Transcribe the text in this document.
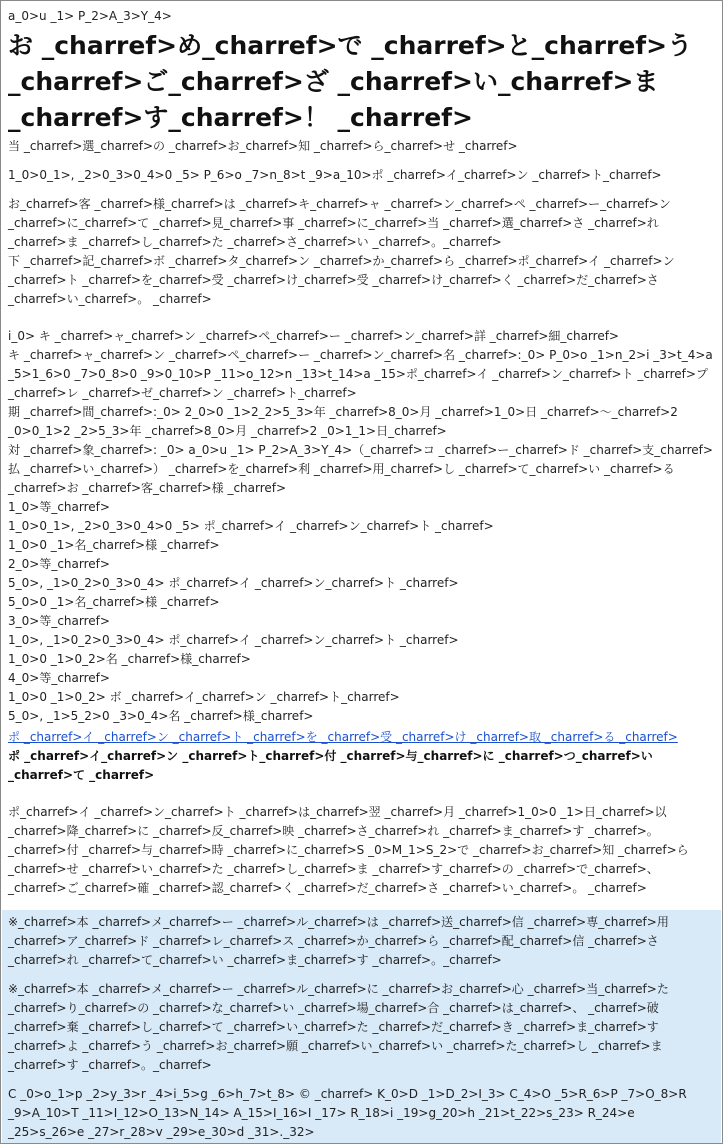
a_0>u _1> P_2>A_3>Y_4>
お _charref>め_charref>で _charref>と_charref>う _charref>ご_charref>ざ _charref>い_charref>ま _charref>す_charref>！ _charref>
当 _charref>選_charref>の _charref>お_charref>知 _charref>ら_charref>せ _charref>
1_0>0_1>, _2>0_3>0_4>0 _5> P_6>o _7>n_8>t _9>a_10>ポ _charref>イ_charref>ン _charref>ト_charref>
お_charref>客 _charref>様_charref>は _charref>キ_charref>ャ _charref>ン_charref>ペ _charref>ー_charref>ン _charref>に_charref>て _charref>見_charref>事 _charref>に_charref>当 _charref>選_charref>さ _charref>れ_charref>ま _charref>し_charref>た _charref>さ_charref>い _charref>。_charref>
下 _charref>記_charref>ボ _charref>タ_charref>ン _charref>か_charref>ら _charref>ポ_charref>イ _charref>ン _charref>ト _charref>を_charref>受 _charref>け_charref>受 _charref>け_charref>く _charref>だ_charref>さ _charref>い_charref>。 _charref>
i_0> キ _charref>ャ_charref>ン _charref>ペ_charref>ー _charref>ン_charref>詳 _charref>細_charref>
キ _charref>ャ_charref>ン _charref>ペ_charref>ー _charref>ン_charref>名 _charref>:_0> P_0>o _1>n_2>i _3>t_4>a _5>1_6>0 _7>0_8>0 _9>0_10>P _11>o_12>n _13>t_14>a _15>ポ_charref>イ _charref>ン_charref>ト _charref>プ _charref>レ _charref>ゼ_charref>ン _charref>ト_charref>
期 _charref>間_charref>:_0> 2_0>0 _1>2_2>5_3>年 _charref>8_0>月 _charref>1_0>日 _charref>～_charref>2 _0>0_1>2 _2>5_3>年 _charref>8_0>月 _charref>2 _0>1_1>日_charref>
対 _charref>象_charref>: _0> a_0>u _1> P_2>A_3>Y_4>（_charref>コ _charref>ー_charref>ド _charref>支_charref>払 _charref>い_charref>） _charref>を_charref>利 _charref>用_charref>し _charref>て_charref>い _charref>る_charref>お _charref>客_charref>様 _charref>
1_0>等_charref>
1_0>0_1>, _2>0_3>0_4>0 _5> ポ_charref>イ _charref>ン_charref>ト _charref>
1_0>0 _1>名_charref>様 _charref>
2_0>等_charref>
5_0>, _1>0_2>0_3>0_4> ポ_charref>イ _charref>ン_charref>ト _charref>
5_0>0 _1>名_charref>様 _charref>
3_0>等_charref>
1_0>, _1>0_2>0_3>0_4> ポ_charref>イ _charref>ン_charref>ト _charref>
1_0>0 _1>0_2>名 _charref>様_charref>
4_0>等_charref>
1_0>0 _1>0_2> ボ _charref>イ_charref>ン _charref>ト_charref>
5_0>, _1>5_2>0 _3>0_4>名 _charref>様_charref>
ポ _charref>イ _charref>ン _charref>ト _charref>を _charref>受 _charref>け _charref>取 _charref>る _charref>
ポ _charref>イ_charref>ン _charref>ト_charref>付 _charref>与_charref>に _charref>つ_charref>い _charref>て _charref>
ポ_charref>イ _charref>ン_charref>ト _charref>は_charref>翌 _charref>月 _charref>1_0>0 _1>日_charref>以 _charref>降_charref>に _charref>反_charref>映 _charref>さ_charref>れ _charref>ま_charref>す _charref>。_charref>付 _charref>与_charref>時 _charref>に_charref>S _0>M_1>S_2>で _charref>お_charref>知 _charref>ら_charref>せ _charref>い_charref>た _charref>し_charref>ま _charref>す_charref>の _charref>で_charref>、 _charref>ご_charref>確 _charref>認_charref>く _charref>だ_charref>さ _charref>い_charref>。 _charref>
※_charref>本 _charref>メ_charref>ー _charref>ル_charref>は _charref>送_charref>信 _charref>専_charref>用 _charref>ア_charref>ド _charref>レ_charref>ス _charref>か_charref>ら _charref>配_charref>信 _charref>さ_charref>れ _charref>て_charref>い _charref>ま_charref>す _charref>。_charref>
※_charref>本 _charref>メ_charref>ー _charref>ル_charref>に _charref>お_charref>心 _charref>当_charref>た _charref>り_charref>の _charref>な_charref>い _charref>場_charref>合 _charref>は_charref>、 _charref>破_charref>棄 _charref>し_charref>て _charref>い_charref>た _charref>だ_charref>き _charref>ま_charref>す _charref>よ _charref>う _charref>お_charref>願 _charref>い_charref>い _charref>た_charref>し _charref>ま_charref>す _charref>。_charref>
C _0>o_1>p _2>y_3>r _4>i_5>g _6>h_7>t_8> © _charref> K_0>D _1>D_2>I_3> C_4>O _5>R_6>P _7>O_8>R _9>A_10>T _11>I_12>O_13>N_14> A_15>I_16>I _17> R_18>i _19>g_20>h _21>t_22>s_23> R_24>e _25>s_26>e _27>r_28>v _29>e_30>d _31>._32>
